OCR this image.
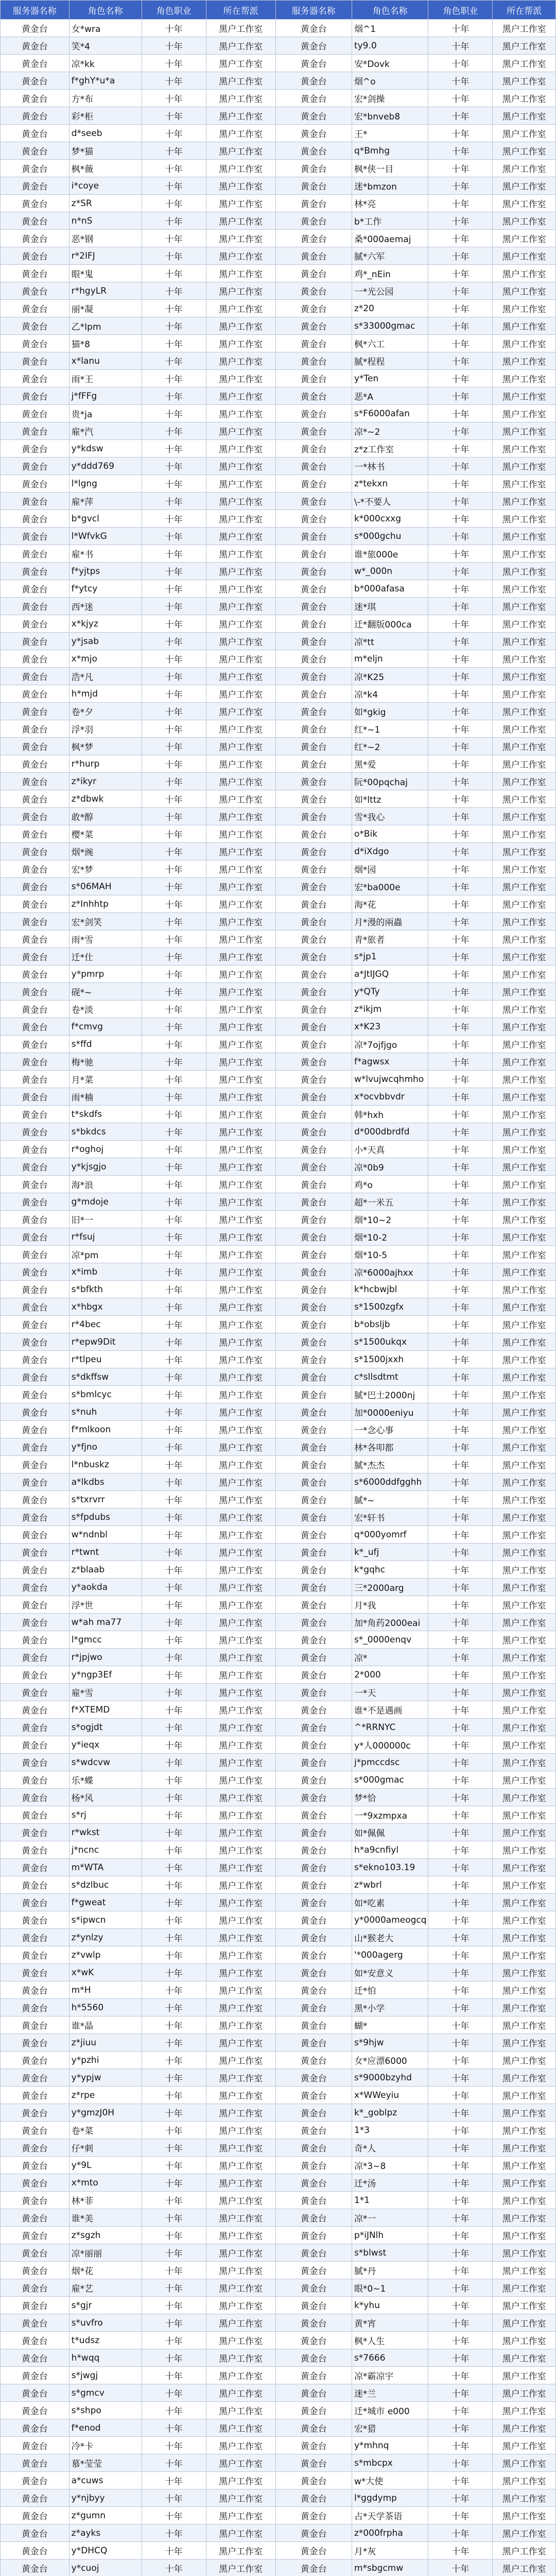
服务器名称	角色名称	角色职业	所在帮派	服务器名称	角色名称	角色职业	所在帮派
黄金台	女*wra	十年	黑户工作室	黄金台	烟^1	十年	黑户工作室
黄金台	笑*4	十年	黑户工作室	黄金台	ty9.0	十年	黑户工作室
黄金台	凉*kk	十年	黑户工作室	黄金台	安*Dovk	十年	黑户工作室
黄金台	f*ghY*u*a	十年	黑户工作室	黄金台	烟^o	十年	黑户工作室
黄金台	方*布	十年	黑户工作室	黄金台	宏*剑操	十年	黑户工作室
黄金台	彩*柜	十年	黑户工作室	黄金台	宏*bnveb8	十年	黑户工作室
黄金台	d*seeb	十年	黑户工作室	黄金台	王*	十年	黑户工作室
黄金台	梦*猫	十年	黑户工作室	黄金台	q*Bmhg	十年	黑户工作室
黄金台	枫*薇	十年	黑户工作室	黄金台	枫*侠一目	十年	黑户工作室
黄金台	i*coye	十年	黑户工作室	黄金台	迷*bmzon	十年	黑户工作室
黄金台	z*SR	十年	黑户工作室	黄金台	林*亮	十年	黑户工作室
黄金台	n*nS	十年	黑户工作室	黄金台	b*工作	十年	黑户工作室
黄金台	恶*钢	十年	黑户工作室	黄金台	桑*000aemaj	十年	黑户工作室
黄金台	r*2IFJ	十年	黑户工作室	黄金台	腻*六军	十年	黑户工作室
黄金台	眼*鬼	十年	黑户工作室	黄金台	鸡*_nEin	十年	黑户工作室
黄金台	r*hgyLR	十年	黑户工作室	黄金台	一*光公园	十年	黑户工作室
黄金台	丽*凝	十年	黑户工作室	黄金台	z*20	十年	黑户工作室
黄金台	乙*Ipm	十年	黑户工作室	黄金台	s*33000gmac	十年	黑户工作室
黄金台	猫*8	十年	黑户工作室	黄金台	枫*六工	十年	黑户工作室
黄金台	x*lanu	十年	黑户工作室	黄金台	腻*程程	十年	黑户工作室
黄金台	雨*王	十年	黑户工作室	黄金台	y*Ten	十年	黑户工作室
黄金台	j*fFFg	十年	黑户工作室	黄金台	恶*A	十年	黑户工作室
黄金台	贵*ja	十年	黑户工作室	黄金台	s*F6000afan	十年	黑户工作室
黄金台	雇*汽	十年	黑户工作室	黄金台	凉*~2	十年	黑户工作室
黄金台	y*kdsw	十年	黑户工作室	黄金台	z*z工作室	十年	黑户工作室
黄金台	y*ddd769	十年	黑户工作室	黄金台	一*林书	十年	黑户工作室
黄金台	l*lgng	十年	黑户工作室	黄金台	z*tekxn	十年	黑户工作室
黄金台	雇*萍	十年	黑户工作室	黄金台	\-*不要人	十年	黑户工作室
黄金台	b*gvcl	十年	黑户工作室	黄金台	k*000cxxg	十年	黑户工作室
黄金台	l*WfvkG	十年	黑户工作室	黄金台	s*000gchu	十年	黑户工作室
黄金台	雇*书	十年	黑户工作室	黄金台	谁*旅000e	十年	黑户工作室
黄金台	f*yjtps	十年	黑户工作室	黄金台	w*_000n	十年	黑户工作室
黄金台	f*ytcy	十年	黑户工作室	黄金台	b*000afasa	十年	黑户工作室
黄金台	西*迷	十年	黑户工作室	黄金台	迷*琪	十年	黑户工作室
黄金台	x*kjyz	十年	黑户工作室	黄金台	迁*翻版000ca	十年	黑户工作室
黄金台	y*jsab	十年	黑户工作室	黄金台	凉*tt	十年	黑户工作室
黄金台	x*mjo	十年	黑户工作室	黄金台	m*eljn	十年	黑户工作室
黄金台	浩*凡	十年	黑户工作室	黄金台	凉*K25	十年	黑户工作室
黄金台	h*mjd	十年	黑户工作室	黄金台	凉*k4	十年	黑户工作室
黄金台	卷*夕	十年	黑户工作室	黄金台	如*gkig	十年	黑户工作室
黄金台	浮*羽	十年	黑户工作室	黄金台	红*~1	十年	黑户工作室
黄金台	枫*梦	十年	黑户工作室	黄金台	红*~2	十年	黑户工作室
黄金台	r*hurp	十年	黑户工作室	黄金台	黑*爱	十年	黑户工作室
黄金台	z*ikyr	十年	黑户工作室	黄金台	阮*00pqchaj	十年	黑户工作室
黄金台	z*dbwk	十年	黑户工作室	黄金台	如*lttz	十年	黑户工作室
黄金台	敢*醇	十年	黑户工作室	黄金台	雪*我心	十年	黑户工作室
黄金台	樱*菜	十年	黑户工作室	黄金台	o*Bik	十年	黑户工作室
黄金台	烟*豌	十年	黑户工作室	黄金台	d*iXdgo	十年	黑户工作室
黄金台	宏*梦	十年	黑户工作室	黄金台	烟*园	十年	黑户工作室
黄金台	s*06MAH	十年	黑户工作室	黄金台	宏*ba000e	十年	黑户工作室
黄金台	z*Inhhtp	十年	黑户工作室	黄金台	海*花	十年	黑户工作室
黄金台	宏*剑笑	十年	黑户工作室	黄金台	月*漫的兩蟲	十年	黑户工作室
黄金台	雨*雪	十年	黑户工作室	黄金台	青*旅者	十年	黑户工作室
黄金台	迁*仕	十年	黑户工作室	黄金台	s*jp1	十年	黑户工作室
黄金台	y*pmrp	十年	黑户工作室	黄金台	a*JtIJGQ	十年	黑户工作室
黄金台	砚*~	十年	黑户工作室	黄金台	y*QTy	十年	黑户工作室
黄金台	卷*淡	十年	黑户工作室	黄金台	z*ikjm	十年	黑户工作室
黄金台	f*cmvg	十年	黑户工作室	黄金台	x*K23	十年	黑户工作室
黄金台	s*ffd	十年	黑户工作室	黄金台	凉*7ojfjgo	十年	黑户工作室
黄金台	梅*驰	十年	黑户工作室	黄金台	f*agwsx	十年	黑户工作室
黄金台	月*菜	十年	黑户工作室	黄金台	w*lvujwcqhmho	十年	黑户工作室
黄金台	雨*楠	十年	黑户工作室	黄金台	x*ocvbbvdr	十年	黑户工作室
黄金台	t*skdfs	十年	黑户工作室	黄金台	韩*hxh	十年	黑户工作室
黄金台	s*bkdcs	十年	黑户工作室	黄金台	d*000dbrdfd	十年	黑户工作室
黄金台	r*oghoj	十年	黑户工作室	黄金台	小*天真	十年	黑户工作室
黄金台	y*kjsgjo	十年	黑户工作室	黄金台	凉*0b9	十年	黑户工作室
黄金台	海*浪	十年	黑户工作室	黄金台	鸡*o	十年	黑户工作室
黄金台	g*mdoje	十年	黑户工作室	黄金台	超*一米五	十年	黑户工作室
黄金台	旧*一	十年	黑户工作室	黄金台	烟*10~2	十年	黑户工作室
黄金台	r*fsuj	十年	黑户工作室	黄金台	烟*10-2	十年	黑户工作室
黄金台	凉*pm	十年	黑户工作室	黄金台	烟*10-5	十年	黑户工作室
黄金台	x*imb	十年	黑户工作室	黄金台	凉*6000ajhxx	十年	黑户工作室
黄金台	s*bfkth	十年	黑户工作室	黄金台	k*hcbwjbl	十年	黑户工作室
黄金台	x*hbgx	十年	黑户工作室	黄金台	s*1500zgfx	十年	黑户工作室
黄金台	r*4bec	十年	黑户工作室	黄金台	b*obsljb	十年	黑户工作室
黄金台	r*epw9Dit	十年	黑户工作室	黄金台	s*1500ukqx	十年	黑户工作室
黄金台	r*tlpeu	十年	黑户工作室	黄金台	s*1500jxxh	十年	黑户工作室
黄金台	s*dkffsw	十年	黑户工作室	黄金台	c*sllsdtmt	十年	黑户工作室
黄金台	s*bmlcyc	十年	黑户工作室	黄金台	腻*巴士2000nj	十年	黑户工作室
黄金台	s*nuh	十年	黑户工作室	黄金台	加*0000eniyu	十年	黑户工作室
黄金台	f*mlkoon	十年	黑户工作室	黄金台	一*念心事	十年	黑户工作室
黄金台	y*fjno	十年	黑户工作室	黄金台	林*各叩都	十年	黑户工作室
黄金台	l*nbuskz	十年	黑户工作室	黄金台	腻*杰杰	十年	黑户工作室
黄金台	a*lkdbs	十年	黑户工作室	黄金台	s*6000ddfgghh	十年	黑户工作室
黄金台	s*txrvrr	十年	黑户工作室	黄金台	腻*~	十年	黑户工作室
黄金台	s*fpdubs	十年	黑户工作室	黄金台	宏*轩书	十年	黑户工作室
黄金台	w*ndnbl	十年	黑户工作室	黄金台	q*000yomrf	十年	黑户工作室
黄金台	r*twnt	十年	黑户工作室	黄金台	k*_ufj	十年	黑户工作室
黄金台	z*blaab	十年	黑户工作室	黄金台	k*gqhc	十年	黑户工作室
黄金台	y*aokda	十年	黑户工作室	黄金台	三*2000arg	十年	黑户工作室
黄金台	浮*世	十年	黑户工作室	黄金台	月*我	十年	黑户工作室
黄金台	w*ah ma77	十年	黑户工作室	黄金台	加*角药2000eai	十年	黑户工作室
黄金台	l*gmcc	十年	黑户工作室	黄金台	s*_0000enqv	十年	黑户工作室
黄金台	r*jpjwo	十年	黑户工作室	黄金台	凉*	十年	黑户工作室
黄金台	y*ngp3Ef	十年	黑户工作室	黄金台	2*000	十年	黑户工作室
黄金台	雇*雪	十年	黑户工作室	黄金台	一*天	十年	黑户工作室
黄金台	f*XTEMD	十年	黑户工作室	黄金台	谁*不是遇画	十年	黑户工作室
黄金台	s*ogjdt	十年	黑户工作室	黄金台	^*RRNYC	十年	黑户工作室
黄金台	y*ieqx	十年	黑户工作室	黄金台	y*人000000c	十年	黑户工作室
黄金台	s*wdcvw	十年	黑户工作室	黄金台	j*pmccdsc	十年	黑户工作室
黄金台	乐*蝶	十年	黑户工作室	黄金台	s*000gmac	十年	黑户工作室
黄金台	杨*风	十年	黑户工作室	黄金台	梦*恰	十年	黑户工作室
黄金台	s*rj	十年	黑户工作室	黄金台	一*9xzmpxa	十年	黑户工作室
黄金台	r*wkst	十年	黑户工作室	黄金台	如*佩佩	十年	黑户工作室
黄金台	j*ncnc	十年	黑户工作室	黄金台	h*a9cnfiyl	十年	黑户工作室
黄金台	m*WTA	十年	黑户工作室	黄金台	s*ekno103.19	十年	黑户工作室
黄金台	s*dzlbuc	十年	黑户工作室	黄金台	z*wbrl	十年	黑户工作室
黄金台	f*gweat	十年	黑户工作室	黄金台	如*吃素	十年	黑户工作室
黄金台	s*ipwcn	十年	黑户工作室	黄金台	y*0000ameogcq	十年	黑户工作室
黄金台	z*ynlzy	十年	黑户工作室	黄金台	山*猴老大	十年	黑户工作室
黄金台	z*vwlp	十年	黑户工作室	黄金台	'*000agerg	十年	黑户工作室
黄金台	x*wK	十年	黑户工作室	黄金台	如*安意义	十年	黑户工作室
黄金台	m*H	十年	黑户工作室	黄金台	迁*怕	十年	黑户工作室
黄金台	h*5560	十年	黑户工作室	黄金台	黑*小学	十年	黑户工作室
黄金台	谁*晶	十年	黑户工作室	黄金台	蝴*	十年	黑户工作室
黄金台	z*jiuu	十年	黑户工作室	黄金台	s*9hjw	十年	黑户工作室
黄金台	y*pzhi	十年	黑户工作室	黄金台	女*应漂6000	十年	黑户工作室
黄金台	y*ypjw	十年	黑户工作室	黄金台	s*9000bzyhd	十年	黑户工作室
黄金台	z*rpe	十年	黑户工作室	黄金台	x*WWeyiu	十年	黑户工作室
黄金台	y*gmzJ0H	十年	黑户工作室	黄金台	k*_goblpz	十年	黑户工作室
黄金台	卷*菜	十年	黑户工作室	黄金台	1*3	十年	黑户工作室
黄金台	仔*刺	十年	黑户工作室	黄金台	奇*人	十年	黑户工作室
黄金台	y*9L	十年	黑户工作室	黄金台	凉*3~8	十年	黑户工作室
黄金台	x*mto	十年	黑户工作室	黄金台	迁*汤	十年	黑户工作室
黄金台	林*菲	十年	黑户工作室	黄金台	1*1	十年	黑户工作室
黄金台	谁*美	十年	黑户工作室	黄金台	凉*一	十年	黑户工作室
黄金台	z*sgzh	十年	黑户工作室	黄金台	p*iJNlh	十年	黑户工作室
黄金台	凉*丽丽	十年	黑户工作室	黄金台	s*blwst	十年	黑户工作室
黄金台	烟*花	十年	黑户工作室	黄金台	腻*丹	十年	黑户工作室
黄金台	雇*艺	十年	黑户工作室	黄金台	眼*0~1	十年	黑户工作室
黄金台	s*gjr	十年	黑户工作室	黄金台	k*yhu	十年	黑户工作室
黄金台	s*uvfro	十年	黑户工作室	黄金台	黄*宵	十年	黑户工作室
黄金台	t*udsz	十年	黑户工作室	黄金台	枫*人生	十年	黑户工作室
黄金台	h*wqq	十年	黑户工作室	黄金台	s*7666	十年	黑户工作室
黄金台	s*jwgj	十年	黑户工作室	黄金台	凉*霸凉宇	十年	黑户工作室
黄金台	s*gmcv	十年	黑户工作室	黄金台	迷*兰	十年	黑户工作室
黄金台	s*shpo	十年	黑户工作室	黄金台	迁*城市 e000	十年	黑户工作室
黄金台	f*enod	十年	黑户工作室	黄金台	宏*猎	十年	黑户工作室
黄金台	冷*卡	十年	黑户工作室	黄金台	y*mhnq	十年	黑户工作室
黄金台	慕*莹莹	十年	黑户工作室	黄金台	s*mbcpx	十年	黑户工作室
黄金台	a*cuws	十年	黑户工作室	黄金台	w*大使	十年	黑户工作室
黄金台	y*njbyy	十年	黑户工作室	黄金台	l*ggdymp	十年	黑户工作室
黄金台	z*gumn	十年	黑户工作室	黄金台	占*天学茶语	十年	黑户工作室
黄金台	z*ayks	十年	黑户工作室	黄金台	z*000frpha	十年	黑户工作室
黄金台	y*DHCQ	十年	黑户工作室	黄金台	月*灰	十年	黑户工作室
黄金台	y*cuoj	十年	黑户工作室	黄金台	m*sbgcmw	十年	黑户工作室
